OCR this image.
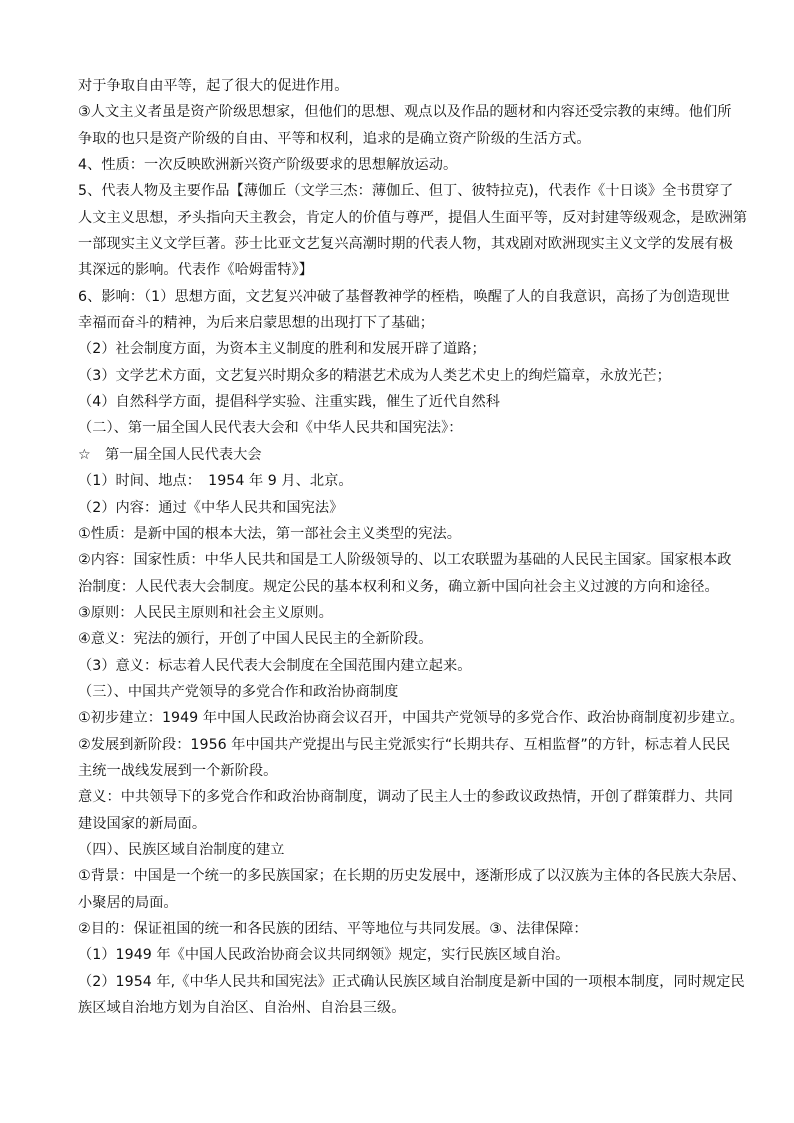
对于争取自由平等，起了很大的促进作用。
③人文主义者虽是资产阶级思想家，但他们的思想、观点以及作品的题材和内容还受宗教的束缚。他们所
争取的也只是资产阶级的自由、平等和权利，追求的是确立资产阶级的生活方式。
4、性质：一次反映欧洲新兴资产阶级要求的思想解放运动。
5、代表人物及主要作品【薄伽丘（文学三杰：薄伽丘、但丁、彼特拉克)，代表作《十日谈》全书贯穿了
人文主义思想，矛头指向天主教会，肯定人的价值与尊严，提倡人生面平等，反对封建等级观念，是欧洲第
一部现实主义文学巨著。莎士比亚文艺复兴高潮时期的代表人物，其戏剧对欧洲现实主义文学的发展有极
其深远的影响。代表作《哈姆雷特》】
6、影响：（1）思想方面，文艺复兴冲破了基督教神学的桎梏，唤醒了人的自我意识，高扬了为创造现世
幸福而奋斗的精神，为后来启蒙思想的出现打下了基础；
（2）社会制度方面，为资本主义制度的胜利和发展开辟了道路；
（3）文学艺术方面，文艺复兴时期众多的精湛艺术成为人类艺术史上的绚烂篇章，永放光芒；
（4）自然科学方面，提倡科学实验、注重实践，催生了近代自然科
（二）、第一届全国人民代表大会和《中华人民共和国宪法》：
☆　第一届全国人民代表大会
（1）时间、地点：　1954 年 9 月、北京。
（2）内容：通过《中华人民共和国宪法》
①性质：是新中国的根本大法，第一部社会主义类型的宪法。
②内容：国家性质：中华人民共和国是工人阶级领导的、以工农联盟为基础的人民民主国家。国家根本政
治制度：人民代表大会制度。规定公民的基本权利和义务，确立新中国向社会主义过渡的方向和途径。
③原则：人民民主原则和社会主义原则。
④意义：宪法的颁行，开创了中国人民民主的全新阶段。
（3）意义：标志着人民代表大会制度在全国范围内建立起来。
（三）、中国共产党领导的多党合作和政治协商制度
①初步建立：1949 年中国人民政治协商会议召开，中国共产党领导的多党合作、政治协商制度初步建立。
②发展到新阶段：1956 年中国共产党提出与民主党派实行“长期共存、互相监督”的方针，标志着人民民
主统一战线发展到一个新阶段。
意义：中共领导下的多党合作和政治协商制度，调动了民主人士的参政议政热情，开创了群策群力、共同
建设国家的新局面。
（四）、民族区域自治制度的建立
①背景：中国是一个统一的多民族国家；在长期的历史发展中，逐渐形成了以汉族为主体的各民族大杂居、
小聚居的局面。
②目的：保证祖国的统一和各民族的团结、平等地位与共同发展。③、法律保障：
（1）1949 年《中国人民政治协商会议共同纲领》规定，实行民族区域自治。
（2）1954 年,《中华人民共和国宪法》正式确认民族区域自治制度是新中国的一项根本制度，同时规定民
族区域自治地方划为自治区、自治州、自治县三级。
